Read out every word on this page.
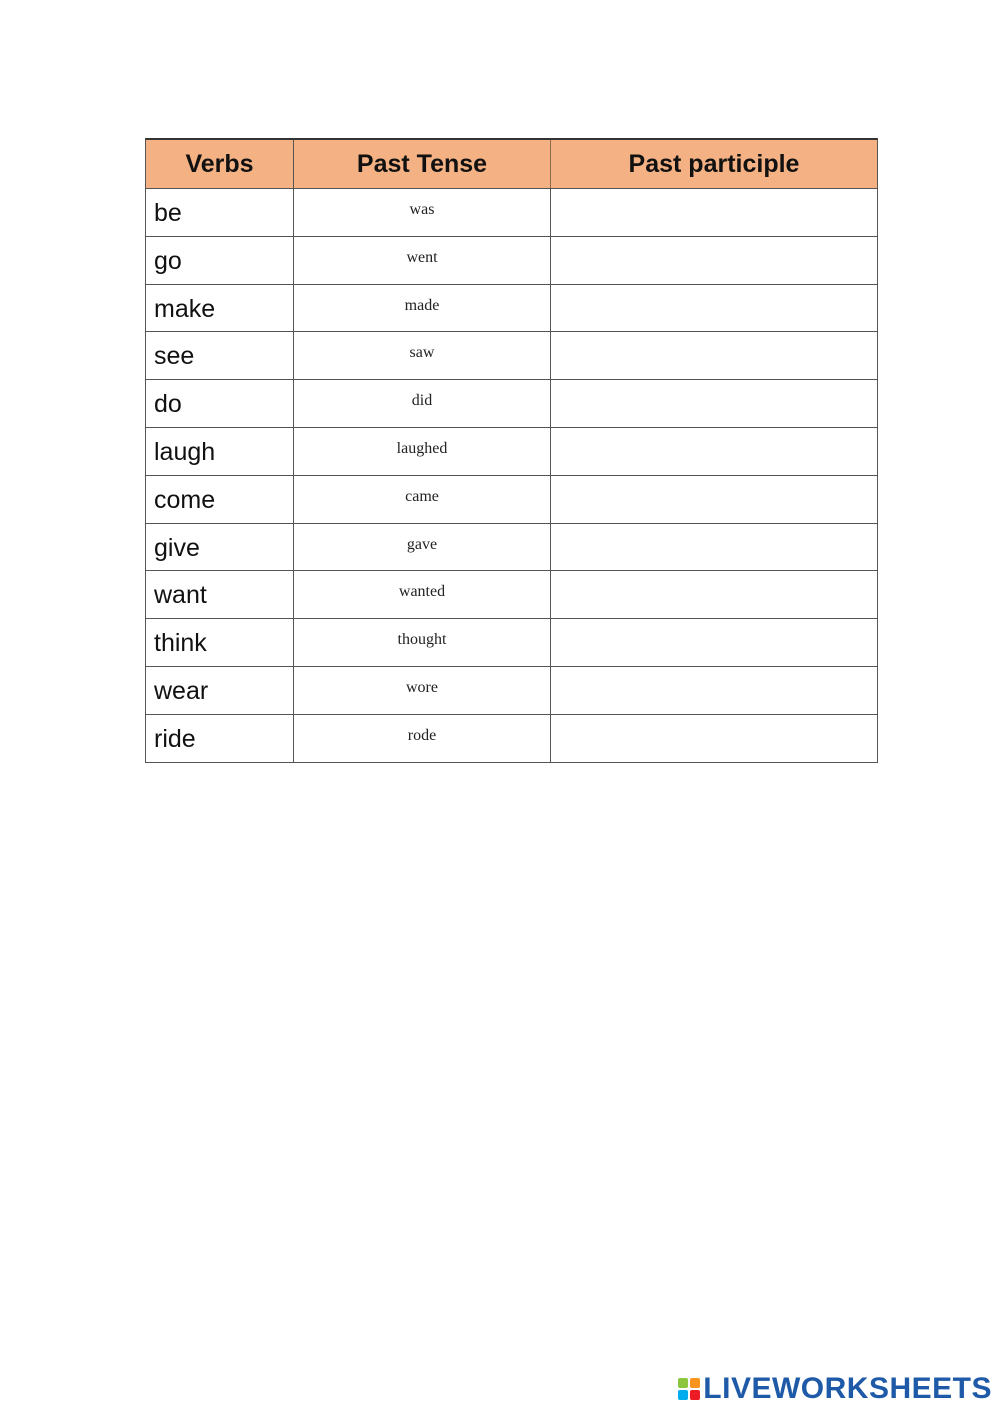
Verbs	Past Tense	Past participle
be	was
go	went
make	made
see	saw
do	did
laugh	laughed
come	came
give	gave
want	wanted
think	thought
wear	wore
ride	rode
LIVEWORKSHEETS
